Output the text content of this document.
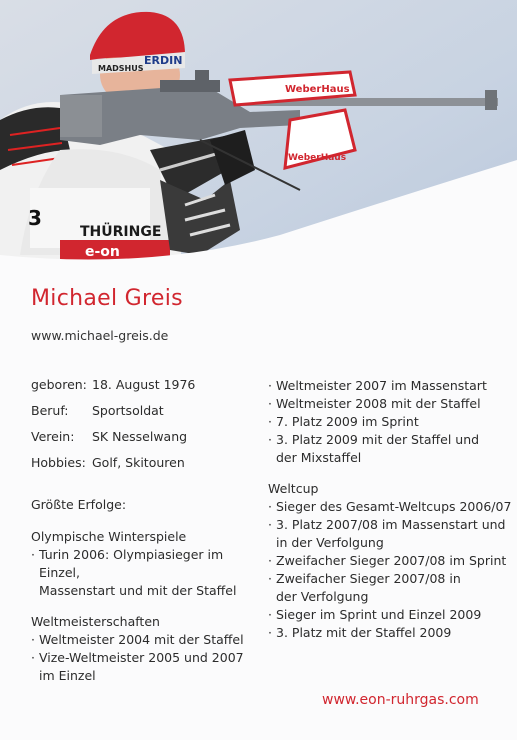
3
THÜRINGE
e-on
MADSHUS
ERDIN
WeberHaus
WeberHaus
Michael Greis
www.michael-greis.de
geboren: 18. August 1976
Beruf:	Sportsoldat
Verein:	SK Nesselwang
Hobbies: Golf, Skitouren

Größte Erfolge:

Olympische Winterspiele

· Turin 2006: Olympiasieger im Einzel,

Massenstart und mit der Staffel

Weltmeisterschaften

· Weltmeister 2004 mit der Staffel

· Vize-Weltmeister 2005 und 2007

im Einzel

· Weltmeister 2007 im Massenstart

· Weltmeister 2008 mit der Staffel

· 7. Platz 2009 im Sprint

· 3. Platz 2009 mit der Staffel und

der Mixstaffel

Weltcup

· Sieger des Gesamt-Weltcups 2006/07

· 3. Platz 2007/08 im Massenstart und

in der Verfolgung

· Zweifacher Sieger 2007/08 im Sprint

· Zweifacher Sieger 2007/08 in

der Verfolgung

· Sieger im Sprint und Einzel 2009

· 3. Platz mit der Staffel 2009

www.eon-ruhrgas.com
